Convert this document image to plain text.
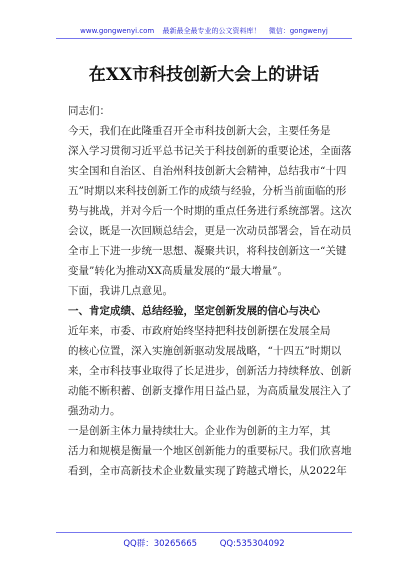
www.gongwenyi.com 最新最全最专业的公文资料库！ 微信：gongwenyj
在XX市科技创新大会上的讲话
同志们：
今天，我们在此隆重召开全市科技创新大会，主要任务是
深入学习贯彻习近平总书记关于科技创新的重要论述，全面落
实全国和自治区、自治州科技创新大会精神，总结我市“十四
五”时期以来科技创新工作的成绩与经验，分析当前面临的形
势与挑战，并对今后一个时期的重点任务进行系统部署。这次
会议，既是一次回顾总结会，更是一次动员部署会，旨在动员
全市上下进一步统一思想、凝聚共识，将科技创新这一“关键
变量”转化为推动XX高质量发展的“最大增量”。
下面，我讲几点意见。
一、肯定成绩、总结经验，坚定创新发展的信心与决心
近年来，市委、市政府始终坚持把科技创新摆在发展全局
的核心位置，深入实施创新驱动发展战略，“十四五”时期以
来，全市科技事业取得了长足进步，创新活力持续释放、创新
动能不断积蓄、创新支撑作用日益凸显，为高质量发展注入了
强劲动力。
一是创新主体力量持续壮大。企业作为创新的主力军，其
活力和规模是衡量一个地区创新能力的重要标尺。我们欣喜地
看到，全市高新技术企业数量实现了跨越式增长，从2022年
QQ群：30265665	QQ:535304092
